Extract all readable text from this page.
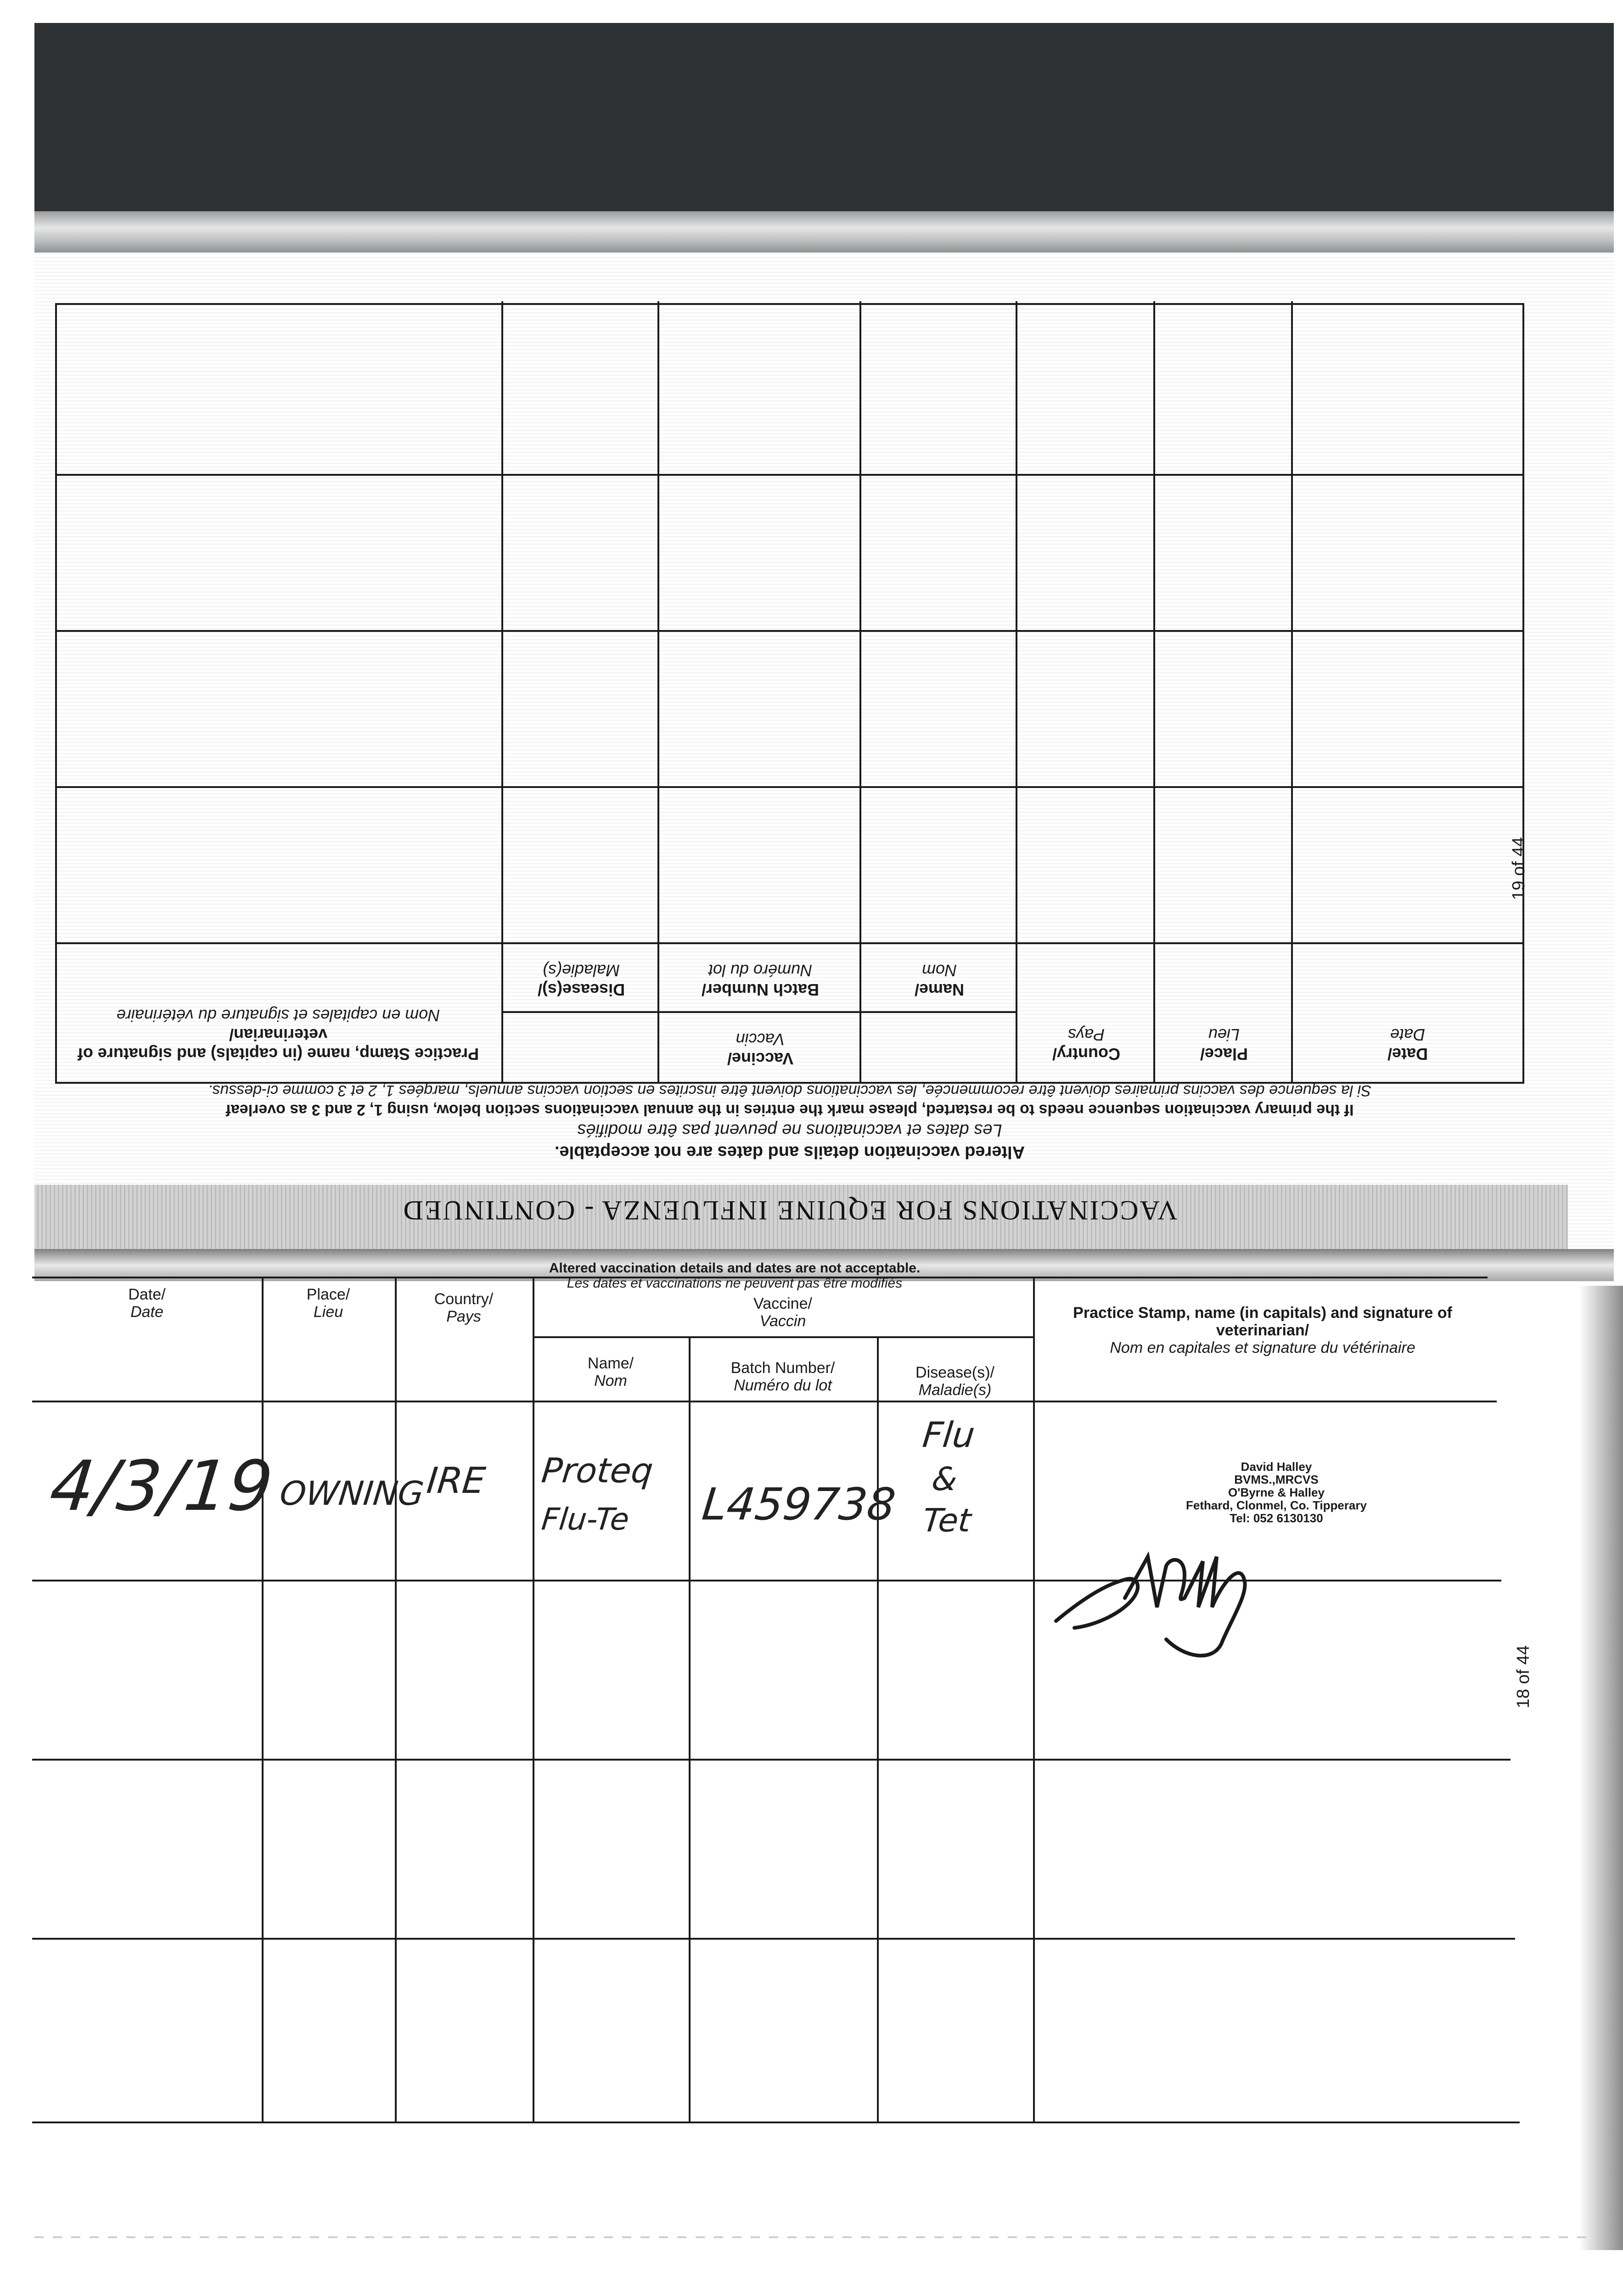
VACCINATIONS FOR EQUINE INFLUENZA - CONTINUED
Altered vaccination details and dates are not acceptable.
Les dates et vaccinations ne peuvent pas être modifiés
If the primary vaccination sequence needs to be restarted, please mark the entries in the annual vaccinations section below, using 1, 2 and 3 as overleaf
Si la sequence des vaccins primaires doivent être recommencée, les vaccinations doivent être inscrites en section vaccins annuels, marqées 1, 2 et 3 comme ci-dessus.
Date/
Date
Place/
Lieu
Country/
Pays
Vaccine/
Vaccin
Name/
Nom
Batch Number/
Numéro du lot
Disease(s)/
Maladie(s)
Practice Stamp, name (in capitals) and signature of veterinarian/
Nom en capitales et signature du vétérinaire
19 of 44
Altered vaccination details and dates are not acceptable.
Les dates et vaccinations ne peuvent pas être modifiés
Date/
Date
Place/
Lieu
Country/
Pays
Vaccine/
Vaccin
Name/
Nom
Batch Number/
Numéro du lot
Disease(s)/
Maladie(s)
Practice Stamp, name (in capitals) and signature of veterinarian/
Nom en capitales et signature du vétérinaire
4/3/19 OWNING
IRE Proteq
Flu-Te L459738
Flu
&
Tet
David Halley
BVMS.,MRCVS
O'Byrne & Halley
Fethard, Clonmel, Co. Tipperary
Tel: 052 6130130
18 of 44
